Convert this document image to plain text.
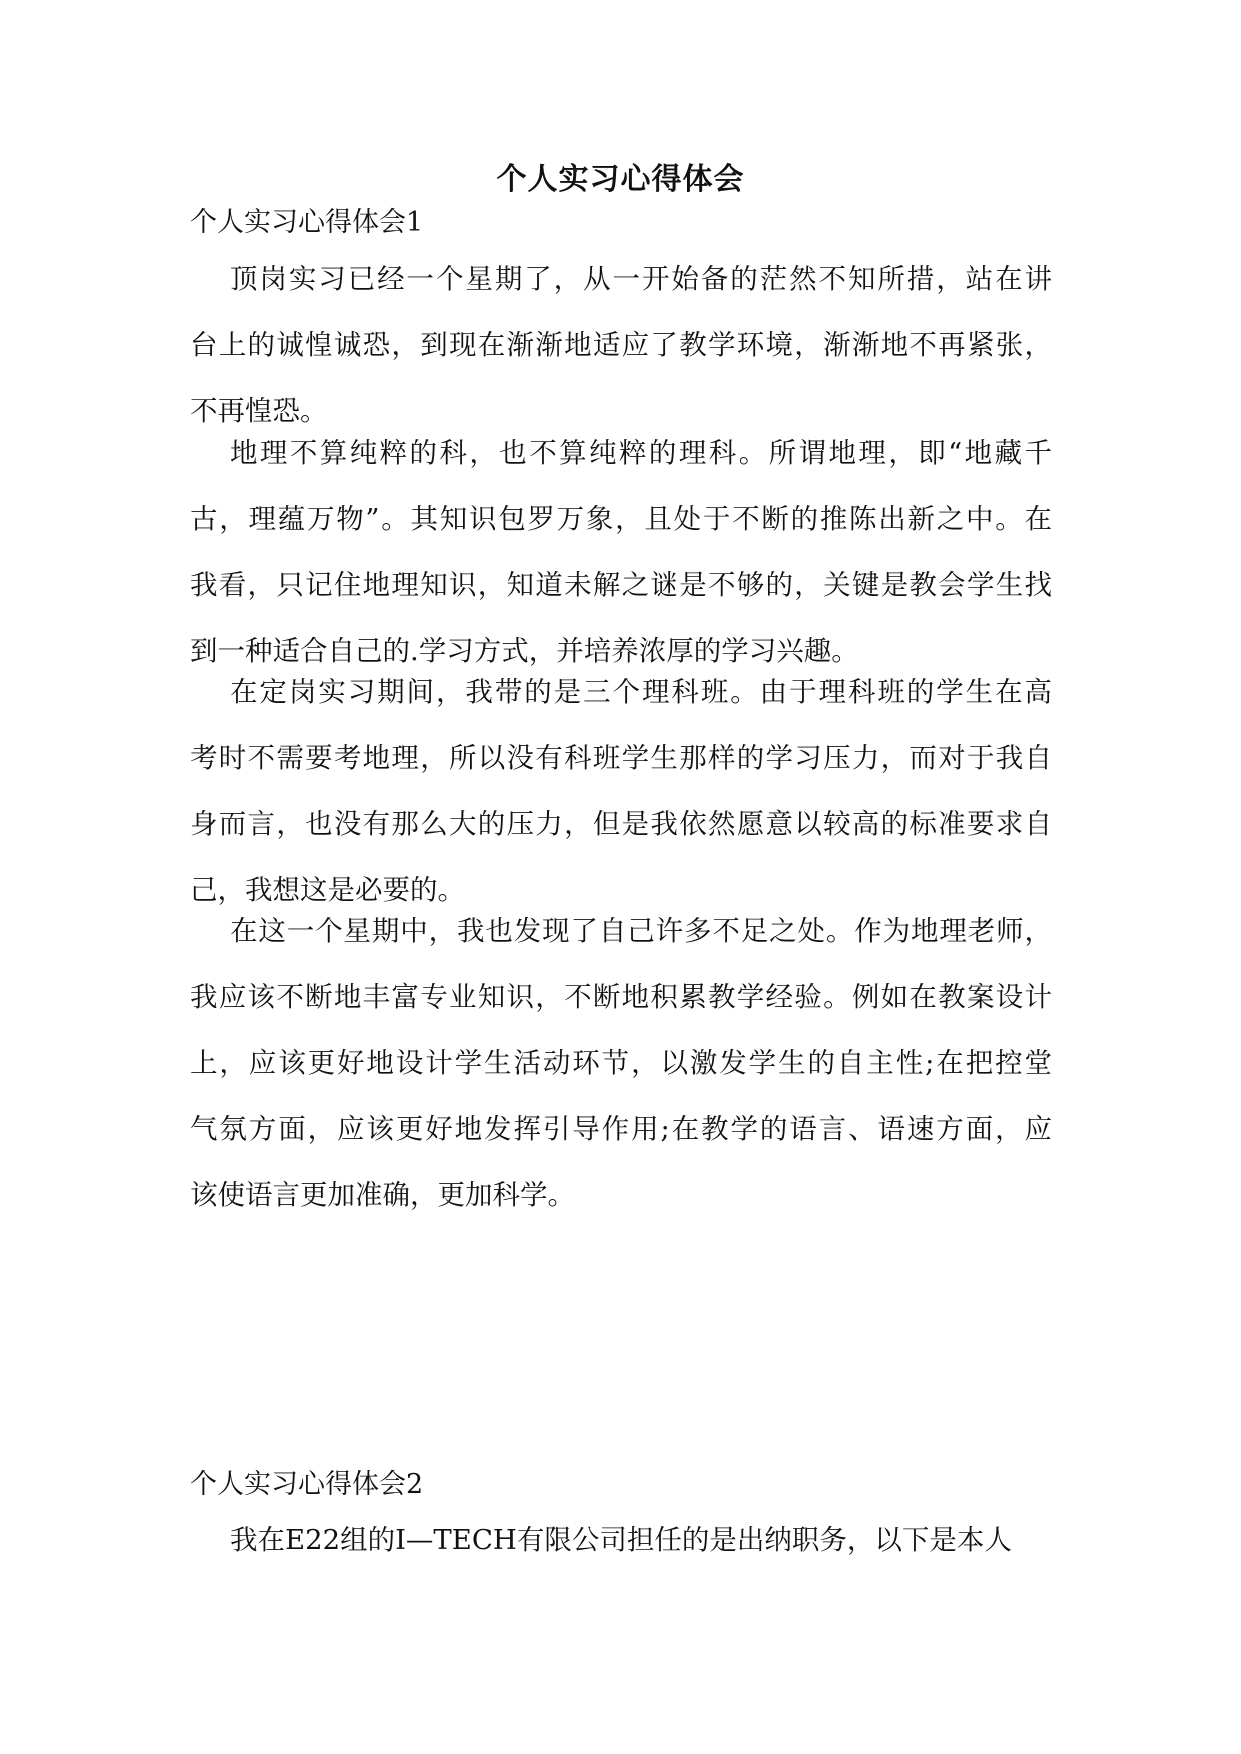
个人实习心得体会
个人实习心得体会1
顶岗实习已经一个星期了，从一开始备的茫然不知所措，站在讲
台上的诚惶诚恐，到现在渐渐地适应了教学环境，渐渐地不再紧张，
不再惶恐。
地理不算纯粹的科，也不算纯粹的理科。所谓地理，即“地藏千
古，理蕴万物”。其知识包罗万象，且处于不断的推陈出新之中。在
我看，只记住地理知识，知道未解之谜是不够的，关键是教会学生找
到一种适合自己的.学习方式，并培养浓厚的学习兴趣。
在定岗实习期间，我带的是三个理科班。由于理科班的学生在高
考时不需要考地理，所以没有科班学生那样的学习压力，而对于我自
身而言，也没有那么大的压力，但是我依然愿意以较高的标准要求自
己，我想这是必要的。
在这一个星期中，我也发现了自己许多不足之处。作为地理老师，
我应该不断地丰富专业知识，不断地积累教学经验。例如在教案设计
上，应该更好地设计学生活动环节，以激发学生的自主性;在把控堂
气氛方面，应该更好地发挥引导作用;在教学的语言、语速方面，应
该使语言更加准确，更加科学。
个人实习心得体会2
我在E22组的I—TECH有限公司担任的是出纳职务，以下是本人
